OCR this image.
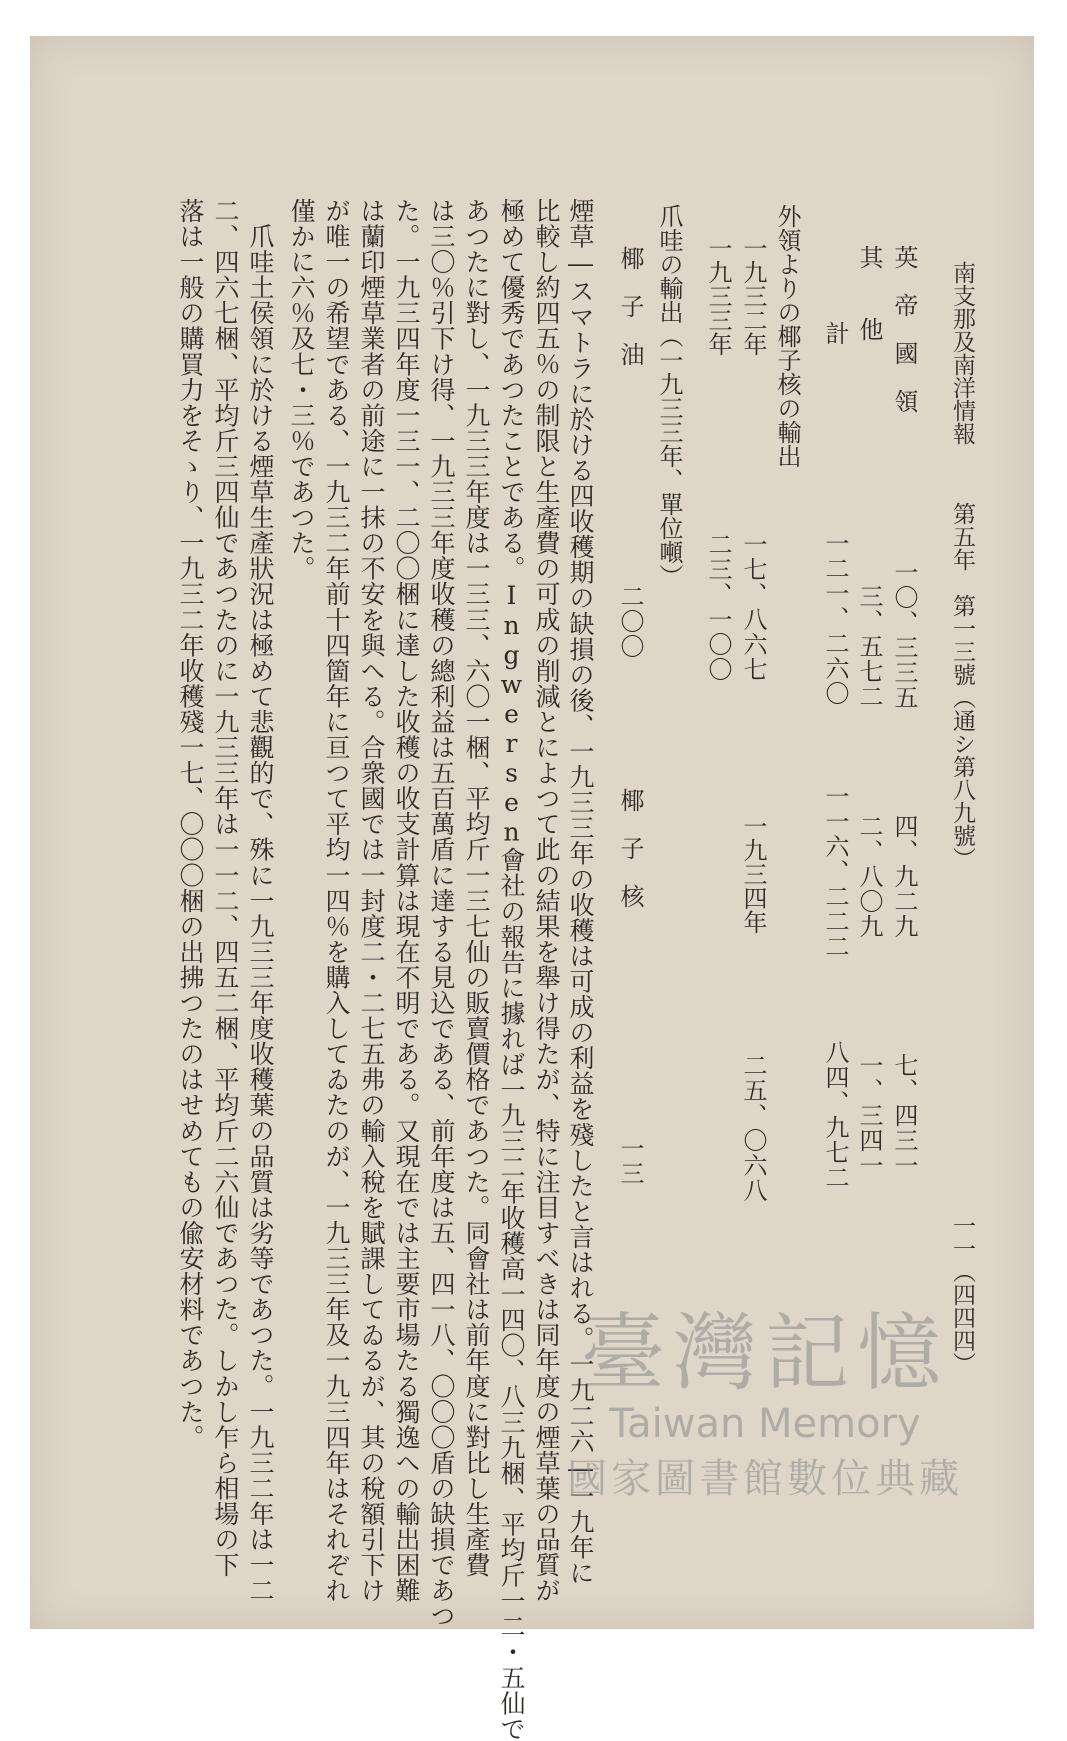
南支那及南洋情報
第五年　第一三號（通シ第八九號）
一一（四四四）
英　帝　國　領
一〇、三三五
四、九二九
七、四三一
其　　他
三、五七二
二、八〇九
一、三四一
計
一二一、二六〇
一一六、二二二
八四、九七二
外領よりの椰子核の輸出
一九三二年
一七、八六七
一九三四年
二五、〇六八
一九三三年
二三、一〇〇
爪哇の輸出（一九三三年、單位噸）
椰　子　油
二〇〇
椰　子　核
一三
煙草―スマトラに於ける四收穫期の缺損の後、一九三三年の收穫は可成の利益を殘したと言はれる。一九二六―一九年に
比較し約四五％の制限と生產費の可成の削減とによつて此の結果を舉け得たが、特に注目すべきは同年度の煙草葉の品質が
極めて優秀であつたことである。Ingwersen會社の報告に據れば一九三二年收穫高一四〇、八三九梱、平均斤一二・五仙で
あつたに對し、一九三三年度は一三三、六〇一梱、平均斤一三七仙の販賣價格であつた。同會社は前年度に對比し生產費
は三〇％引下け得、一九三三年度收穫の總利益は五百萬盾に達する見込である、前年度は五、四一八、〇〇〇盾の缺損であつ
た。一九三四年度一三一、二〇〇梱に達した收穫の收支計算は現在不明である。又現在では主要市場たる獨逸への輸出困難
は蘭印煙草業者の前途に一抹の不安を與へる。合衆國では一封度二・二七五弗の輸入稅を賦課してゐるが、其の稅額引下け
が唯一の希望である、一九三二年前十四箇年に亘つて平均一四％を購入してゐたのが、一九三三年及一九三四年はそれぞれ
僅かに六％及七・三％であつた。
　爪哇土侯領に於ける煙草生產狀況は極めて悲觀的で、殊に一九三三年度收穫葉の品質は劣等であつた。一九三二年は一二
二、四六七梱、平均斤三四仙であつたのに一九三三年は一一二、四五二梱、平均斤二六仙であつた。しかし乍ら相場の下
落は一般の購買力をそゝり、一九三二年收穫殘一七、〇〇〇梱の出拂つたのはせめてもの偸安材料であつた。	臺灣記憶
Taiwan Memory
國家圖書館數位典藏
